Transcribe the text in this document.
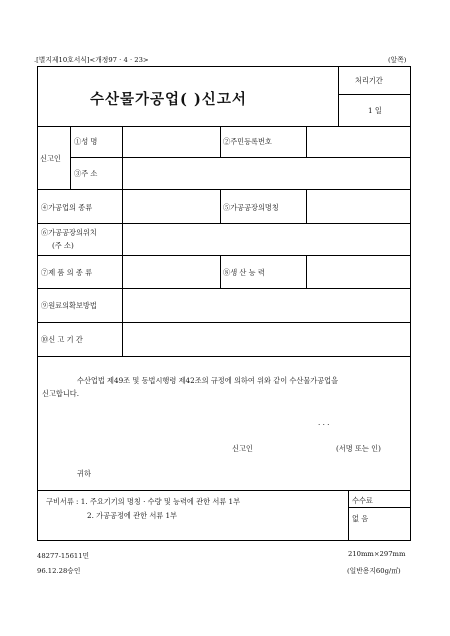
.[별지제10호서식]<개정97 · 4 · 23>	(앞쪽)
수산물가공업( )신고서
처리기간
1 일
신고인
①성 명	②주민등록번호
③주 소
④가공업의 종류	⑤가공공장의명칭
⑥가공공장의위치
(주 소)
⑦제 품 의 종 류	⑧생 산 능 력
⑨원료의확보방법
⑩신 고 기 간
수산업법 제49조 및 동법시행령 제42조의 규정에 의하여 위와 같이 수산물가공업을
신고합니다.
. . .
신고인	(서명 또는 인)
귀하
구비서류 : 1. 주요기기의 명칭 · 수량 및 능력에 관한 서류 1부
2. 가공공정에 관한 서류 1부
수수료
없 음
48277-15611민
96.12.28승인
210mm×297mm
(일반용지60g/㎡)
